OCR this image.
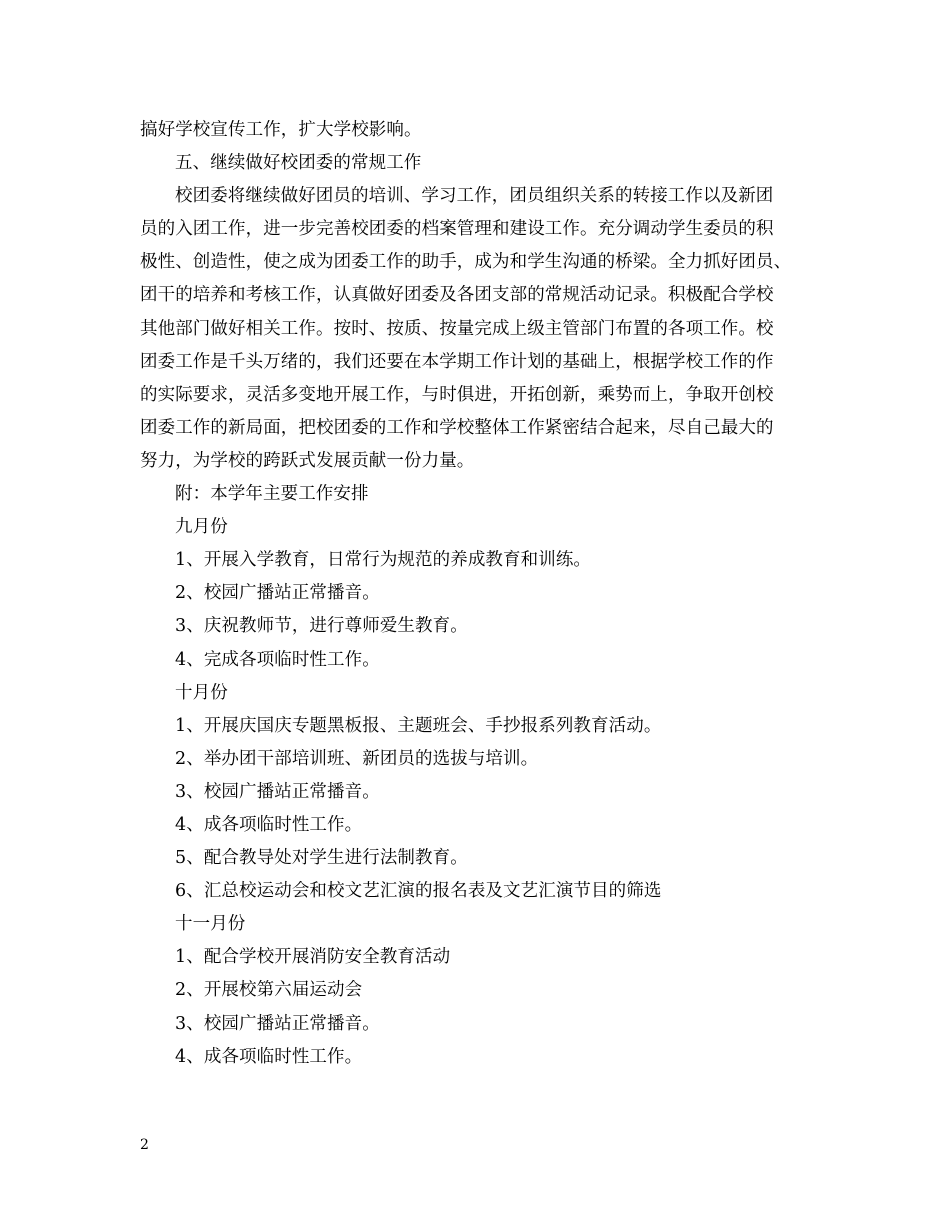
搞好学校宣传工作，扩大学校影响。
五、继续做好校团委的常规工作
校团委将继续做好团员的培训、学习工作，团员组织关系的转接工作以及新团
员的入团工作，进一步完善校团委的档案管理和建设工作。充分调动学生委员的积
极性、创造性，使之成为团委工作的助手，成为和学生沟通的桥梁。全力抓好团员、
团干的培养和考核工作，认真做好团委及各团支部的常规活动记录。积极配合学校
其他部门做好相关工作。按时、按质、按量完成上级主管部门布置的各项工作。校
团委工作是千头万绪的，我们还要在本学期工作计划的基础上，根据学校工作的作
的实际要求，灵活多变地开展工作，与时俱进，开拓创新，乘势而上，争取开创校
团委工作的新局面，把校团委的工作和学校整体工作紧密结合起来，尽自己最大的
努力，为学校的跨跃式发展贡献一份力量。
附：本学年主要工作安排
九月份
1、开展入学教育，日常行为规范的养成教育和训练。
2、校园广播站正常播音。
3、庆祝教师节，进行尊师爱生教育。
4、完成各项临时性工作。
十月份
1、开展庆国庆专题黑板报、主题班会、手抄报系列教育活动。
2、举办团干部培训班、新团员的选拔与培训。
3、校园广播站正常播音。
4、成各项临时性工作。
5、配合教导处对学生进行法制教育。
6、汇总校运动会和校文艺汇演的报名表及文艺汇演节目的筛选
十一月份
1、配合学校开展消防安全教育活动
2、开展校第六届运动会
3、校园广播站正常播音。
4、成各项临时性工作。
2
